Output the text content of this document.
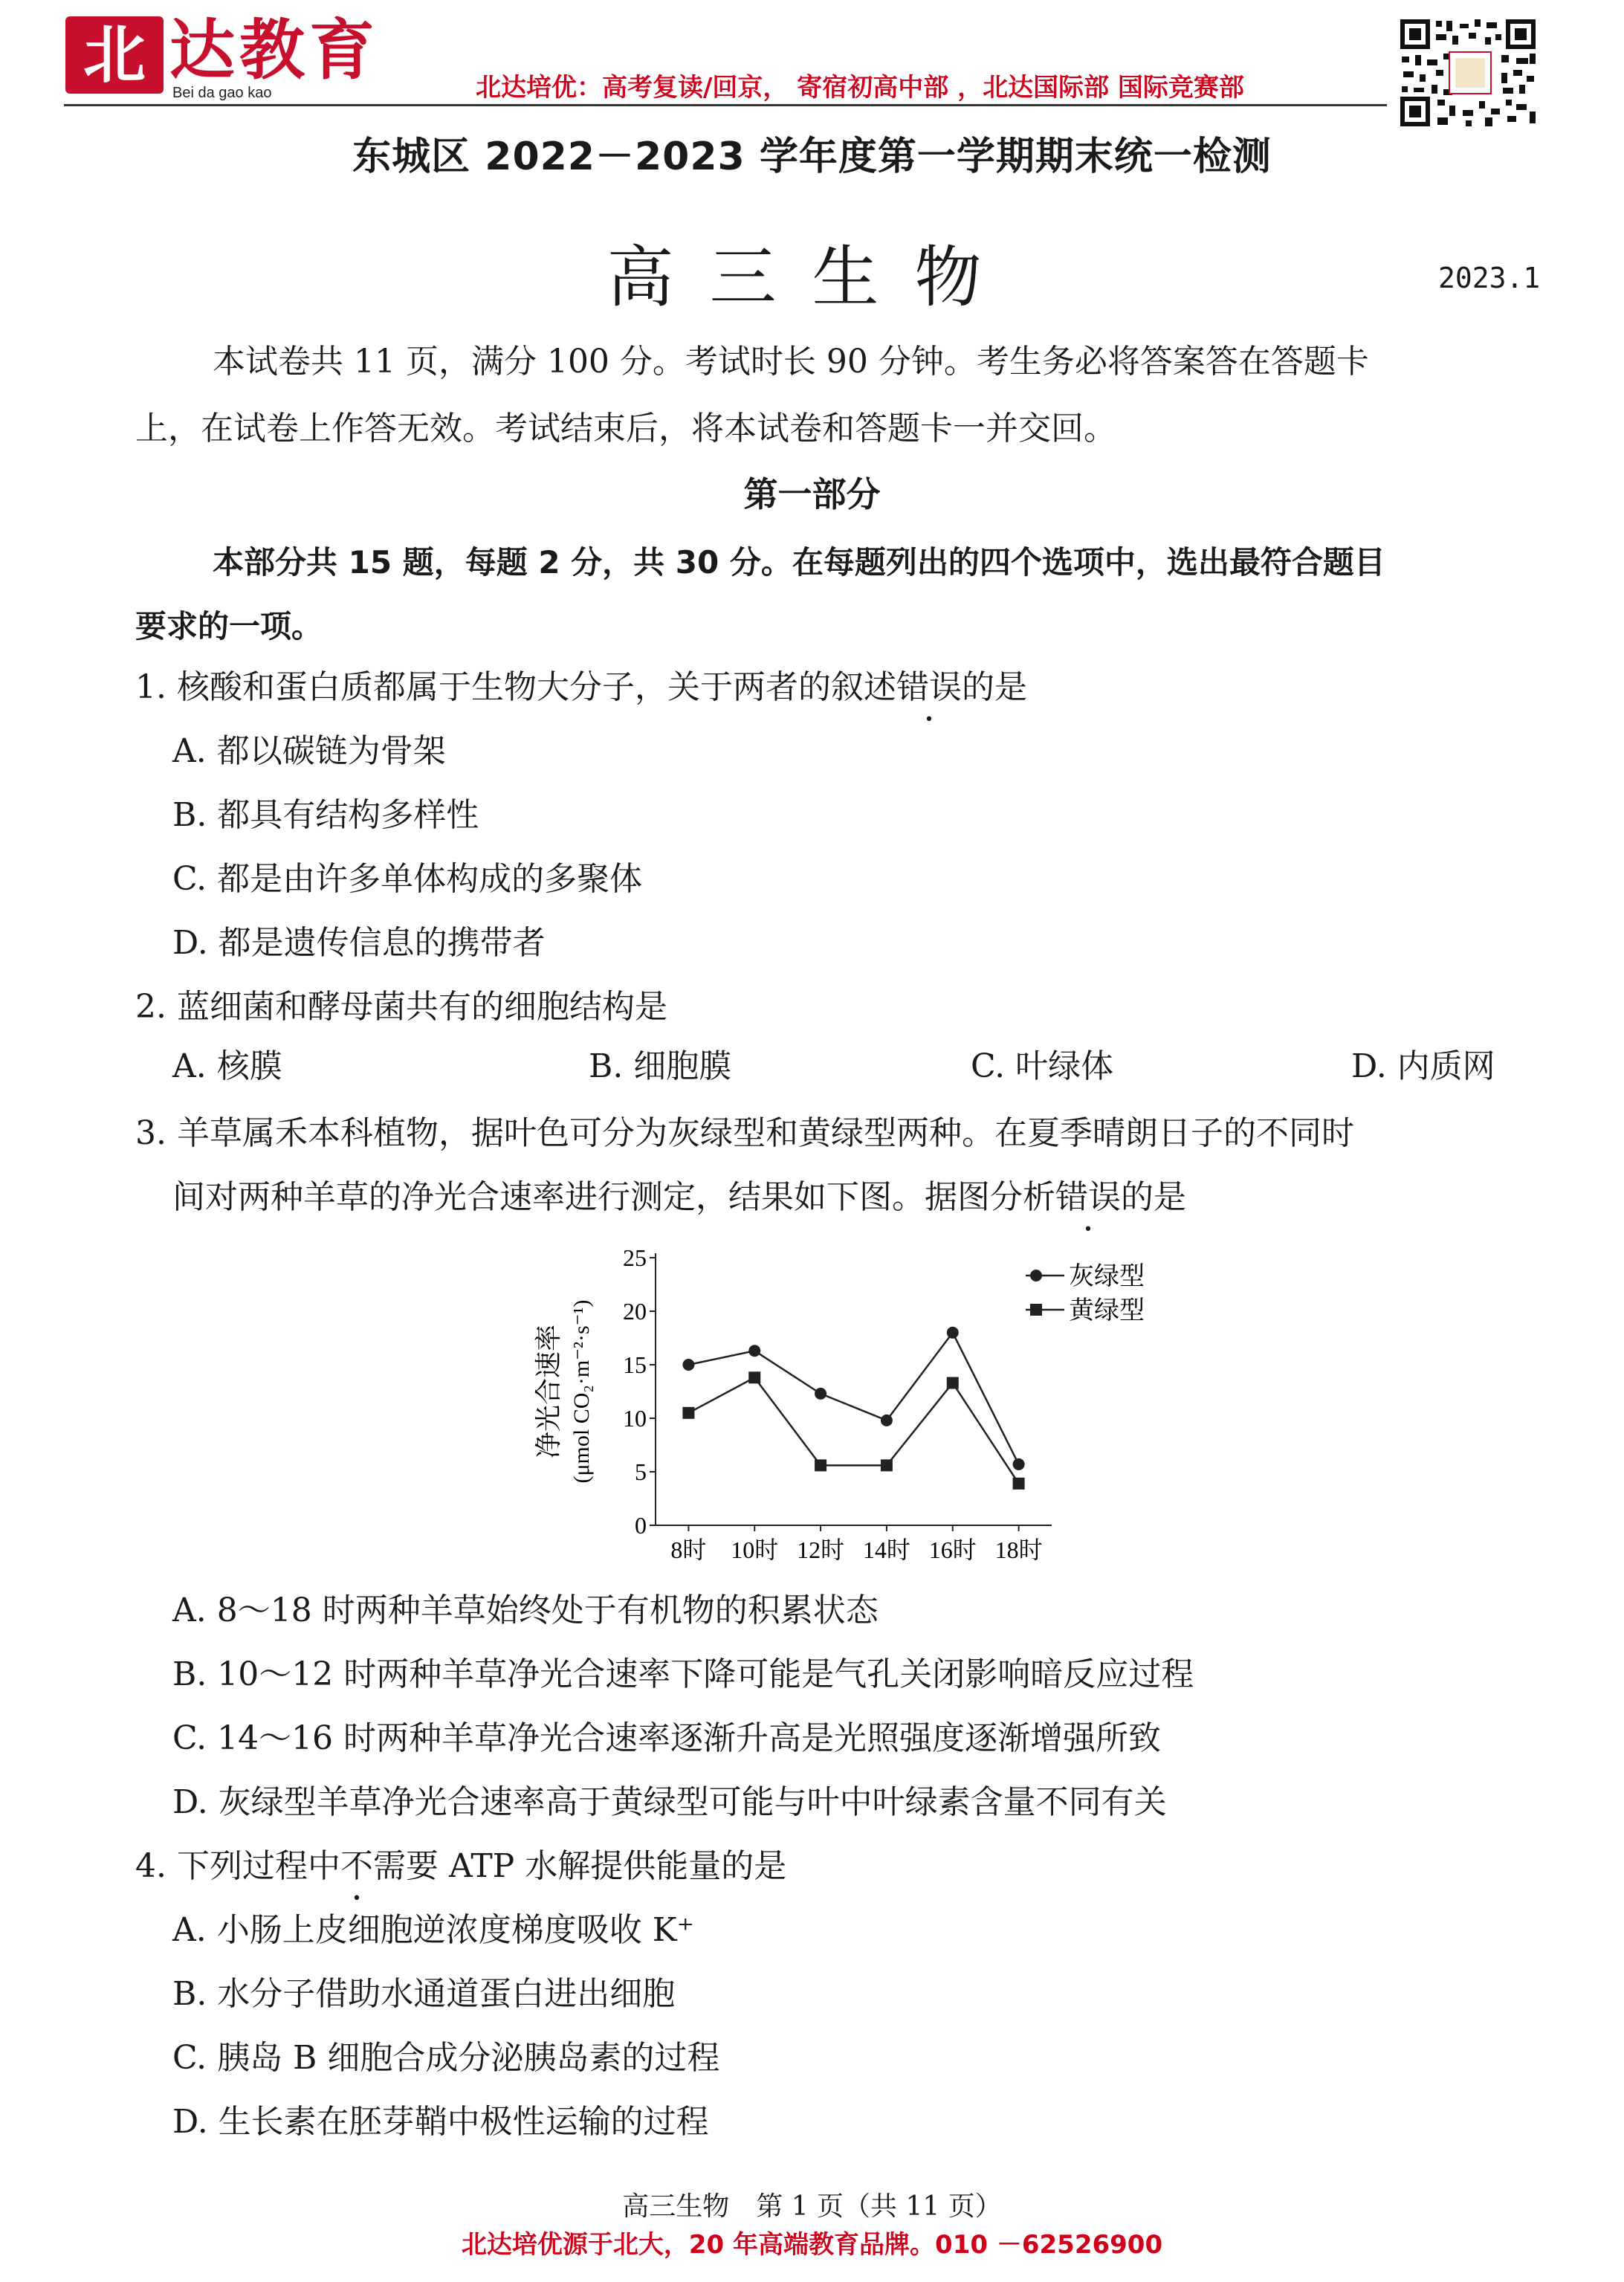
北 达教育
Bei da gao kao	北达培优：高考复读/回京， 寄宿初高中部 ，北达国际部 国际竞赛部
东城区 2022－2023 学年度第一学期期末统一检测
高三生物	2023.1
本试卷共 11 页，满分 100 分。考试时长 90 分钟。考生务必将答案答在答题卡
上，在试卷上作答无效。考试结束后，将本试卷和答题卡一并交回。
第一部分
本部分共 15 题，每题 2 分，共 30 分。在每题列出的四个选项中，选出最符合题目
要求的一项。
1. 核酸和蛋白质都属于生物大分子，关于两者的叙述错误的是
A. 都以碳链为骨架
B. 都具有结构多样性
C. 都是由许多单体构成的多聚体
D. 都是遗传信息的携带者
2. 蓝细菌和酵母菌共有的细胞结构是
A. 核膜	B. 细胞膜	C. 叶绿体	D. 内质网
3. 羊草属禾本科植物，据叶色可分为灰绿型和黄绿型两种。在夏季晴朗日子的不同时
间对两种羊草的净光合速率进行测定，结果如下图。据图分析错误的是
0
5
10
15
20
25
8时 10时 12时 14时 16时 18时
净光合速率 (μmol CO₂·m⁻²·s⁻¹)
灰绿型
黄绿型
A. 8～18 时两种羊草始终处于有机物的积累状态
B. 10～12 时两种羊草净光合速率下降可能是气孔关闭影响暗反应过程
C. 14～16 时两种羊草净光合速率逐渐升高是光照强度逐渐增强所致
D. 灰绿型羊草净光合速率高于黄绿型可能与叶中叶绿素含量不同有关
4. 下列过程中不需要 ATP 水解提供能量的是
A. 小肠上皮细胞逆浓度梯度吸收 K⁺
B. 水分子借助水通道蛋白进出细胞
C. 胰岛 B 细胞合成分泌胰岛素的过程
D. 生长素在胚芽鞘中极性运输的过程
高三生物　第 1 页（共 11 页）
北达培优源于北大，20 年高端教育品牌。010 －62526900
